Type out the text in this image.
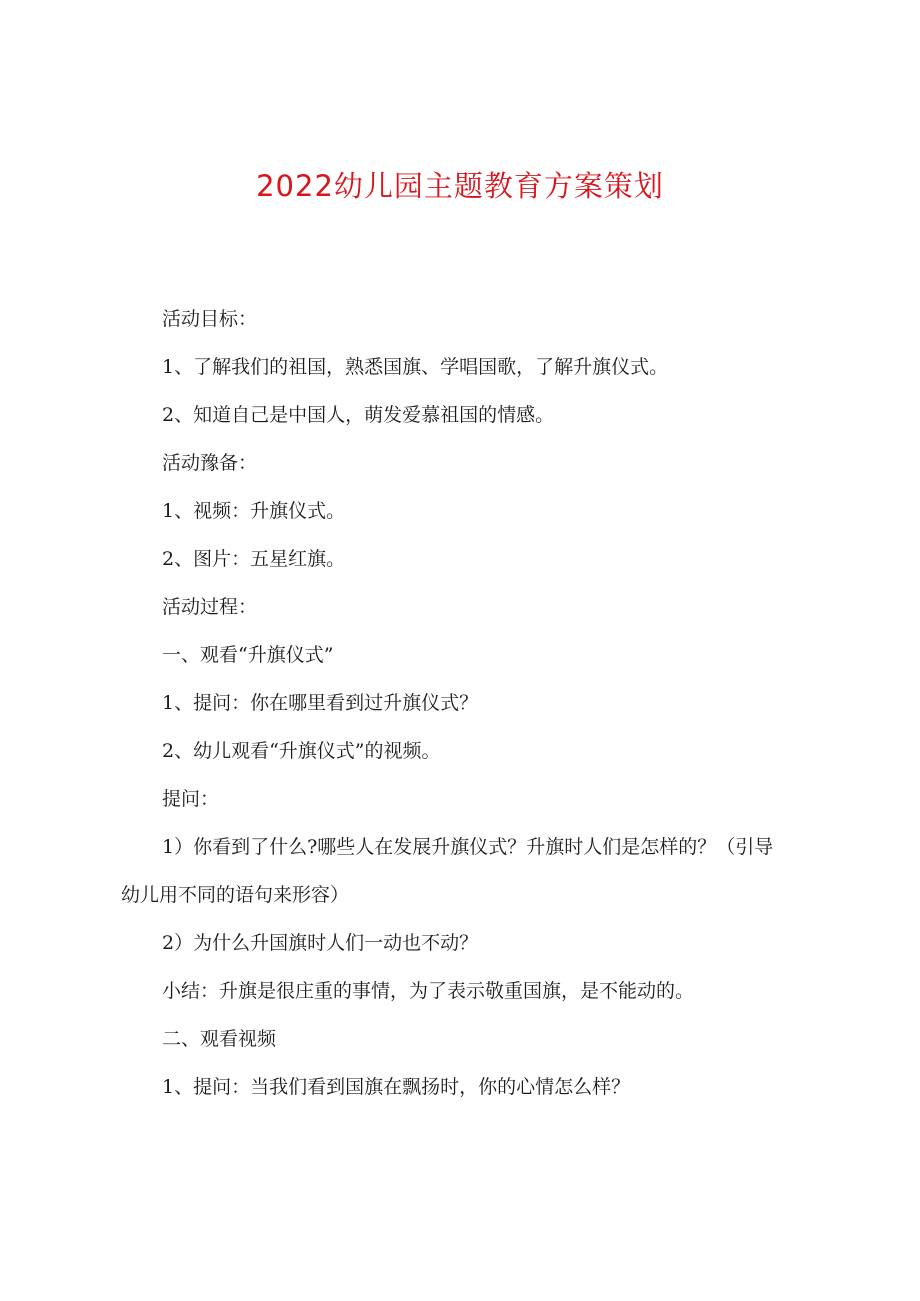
2022幼儿园主题教育方案策划
活动目标：
1、了解我们的祖国，熟悉国旗、学唱国歌，了解升旗仪式。
2、知道自己是中国人，萌发爱慕祖国的情感。
活动豫备：
1、视频：升旗仪式。
2、图片：五星红旗。
活动过程：
一、观看“升旗仪式”
1、提问：你在哪里看到过升旗仪式？
2、幼儿观看“升旗仪式”的视频。
提问：
1）你看到了什么?哪些人在发展升旗仪式？升旗时人们是怎样的？（引导
幼儿用不同的语句来形容）
2）为什么升国旗时人们一动也不动？
小结：升旗是很庄重的事情，为了表示敬重国旗，是不能动的。
二、观看视频
1、提问：当我们看到国旗在飘扬时，你的心情怎么样？
